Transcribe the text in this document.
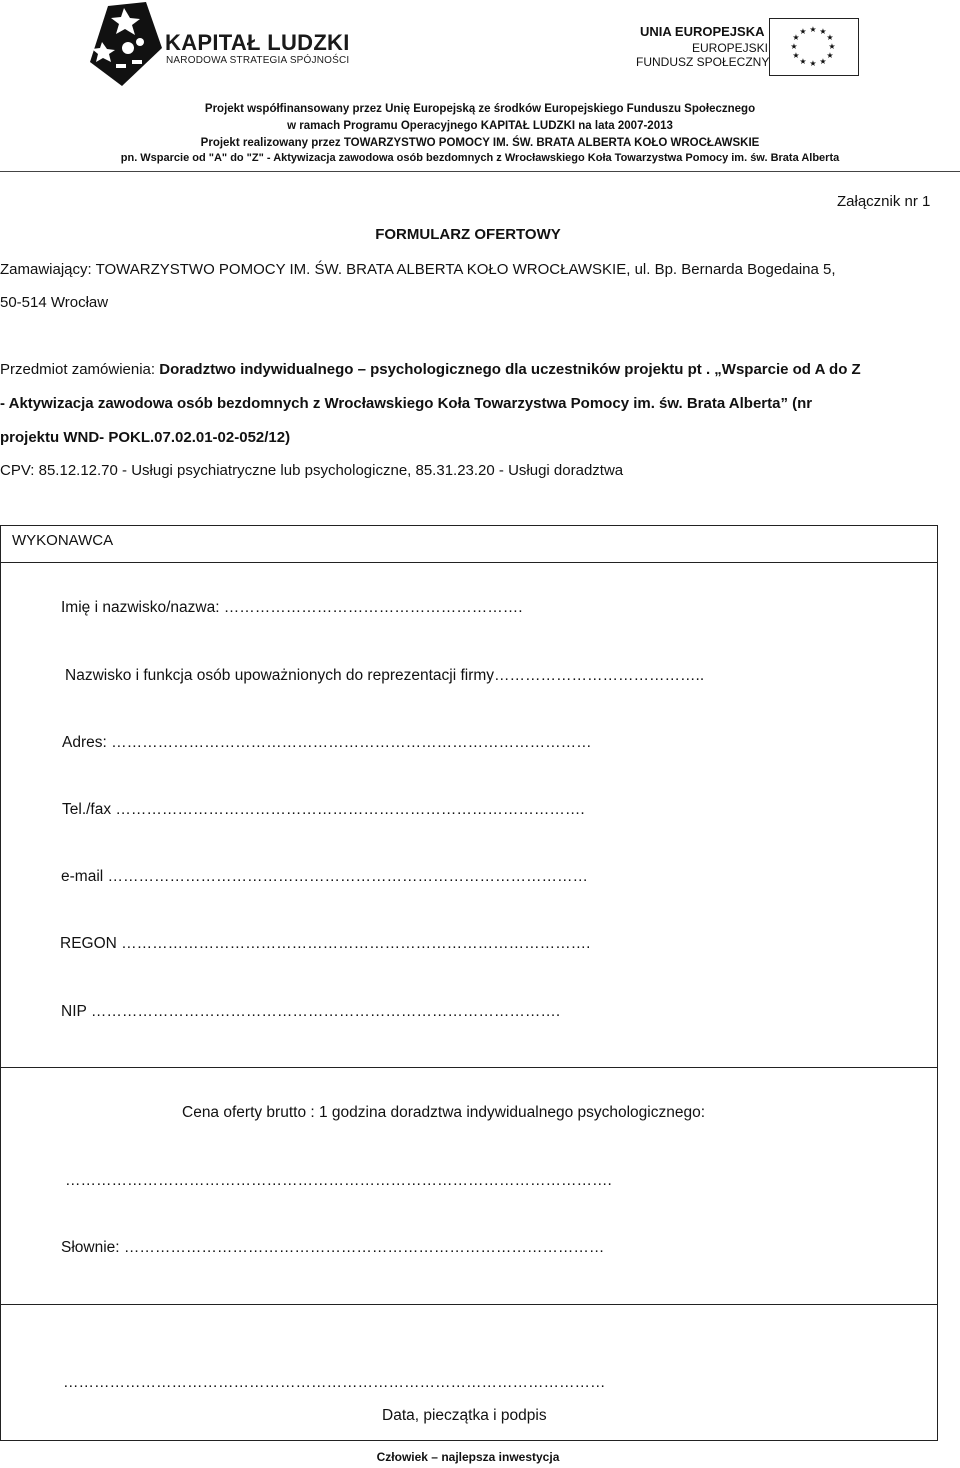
KAPITAŁ LUDZKI
NARODOWA STRATEGIA SPÓJNOŚCI
UNIA EUROPEJSKA
EUROPEJSKI
FUNDUSZ SPOŁECZNY
★ ★
★
★
★
★
★
★
★
★
★
★
Projekt współfinansowany przez Unię Europejską ze środków Europejskiego Funduszu Społecznego
w ramach Programu Operacyjnego KAPITAŁ LUDZKI na lata 2007-2013
Projekt realizowany przez TOWARZYSTWO POMOCY IM. ŚW. BRATA ALBERTA KOŁO WROCŁAWSKIE
pn. Wsparcie od "A" do "Z" - Aktywizacja zawodowa osób bezdomnych z Wrocławskiego Koła Towarzystwa Pomocy im. św. Brata Alberta
Załącznik nr 1
FORMULARZ OFERTOWY
Zamawiający: TOWARZYSTWO POMOCY IM. ŚW. BRATA ALBERTA KOŁO WROCŁAWSKIE, ul. Bp. Bernarda Bogedaina 5,
50-514 Wrocław
Przedmiot zamówienia: Doradztwo indywidualnego – psychologicznego dla uczestników projektu pt . „Wsparcie od A do Z
- Aktywizacja zawodowa osób bezdomnych z Wrocławskiego Koła Towarzystwa Pomocy im. św. Brata Alberta” (nr
projektu WND- POKL.07.02.01-02-052/12)
CPV: 85.12.12.70 - Usługi psychiatryczne lub psychologiczne, 85.31.23.20 - Usługi doradztwa
WYKONAWCA
Imię i nazwisko/nazwa: ………………………………………………….
Nazwisko i funkcja osób upoważnionych do reprezentacji firmy…………………………………..
Adres: …………………………………………………………………………………
Tel./fax ……………………………………………………………………………….
e-mail …………………………………………………………………………………
REGON ……………………………………………………………………………….
NIP ……………………………………………………………………………….
Cena oferty brutto : 1 godzina doradztwa indywidualnego psychologicznego:
…………………………………………………………………………………………….
Słownie: …………………………………………………………………………………
……………………………………………………………………………………………
Data, pieczątka i podpis
Człowiek – najlepsza inwestycja
